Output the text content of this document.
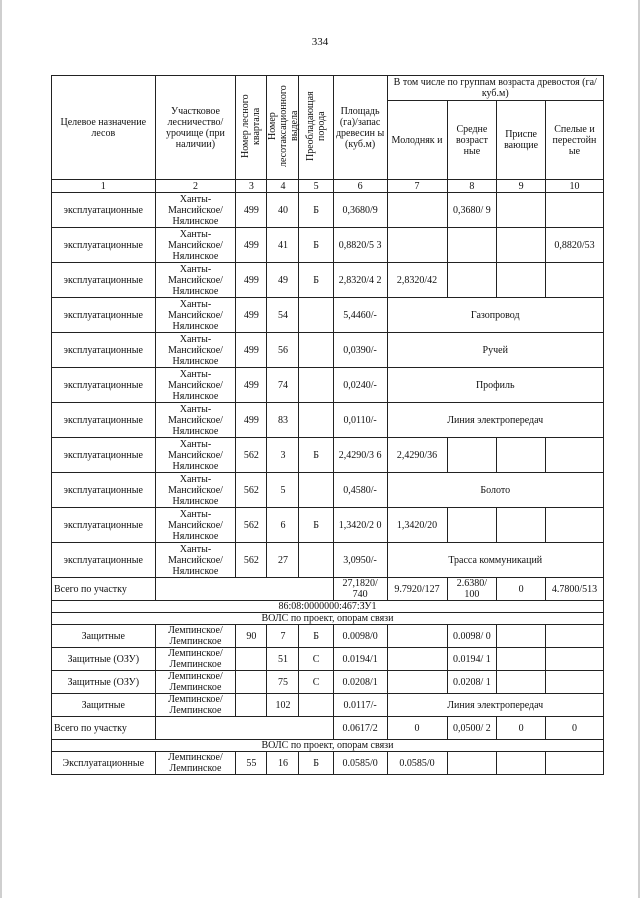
334
Целевое назначение лесов	Участковое лесничество/ урочище (при наличии)	Номер лесного квартала	Номер лесотаксационного выдела	Преобладающая порода	Площадь (га)/запас древесин ы (куб.м)	В том числе по группам возраста древостоя (га/куб.м)			
						Молодняк и	Средне возраст ные	Приспе вающие	Спелые и перестойн ые
1	2	3	4	5	6	7	8	9	10
эксплуатационные	Ханты-Мансийское/ Нялинское	499	40	Б	0,3680/9		0,3680/ 9		
эксплуатационные	Ханты-Мансийское/ Нялинское	499	41	Б	0,8820/5 3				0,8820/53
эксплуатационные	Ханты-Мансийское/ Нялинское	499	49	Б	2,8320/4 2	2,8320/42			
эксплуатационные	Ханты-Мансийское/ Нялинское	499	54		5,4460/-	Газопровод			
эксплуатационные	Ханты-Мансийское/ Нялинское	499	56		0,0390/-	Ручей			
эксплуатационные	Ханты-Мансийское/ Нялинское	499	74		0,0240/-	Профиль			
эксплуатационные	Ханты-Мансийское/ Нялинское	499	83		0,0110/-	Линия электропередач			
эксплуатационные	Ханты-Мансийское/ Нялинское	562	3	Б	2,4290/3 6	2,4290/36			
эксплуатационные	Ханты-Мансийское/ Нялинское	562	5		0,4580/-	Болото			
эксплуатационные	Ханты-Мансийское/ Нялинское	562	6	Б	1,3420/2 0	1,3420/20			
эксплуатационные	Ханты-Мансийское/ Нялинское	562	27		3,0950/-	Трасса коммуникаций			
Всего по участку					27,1820/ 740	9.7920/127	2.6380/ 100	0	4.7800/513
86:08:0000000:467:ЗУ1									
ВОЛС по проект, опорам связи									
Защитные	Лемпинское/ Лемпинское	90	7	Б	0.0098/0		0.0098/ 0		
Защитные (ОЗУ)	Лемпинское/ Лемпинское		51	С	0.0194/1		0.0194/ 1		
Защитные (ОЗУ)	Лемпинское/ Лемпинское		75	С	0.0208/1		0.0208/ 1		
Защитные	Лемпинское/ Лемпинское		102		0.0117/-	Линия электропередач			
Всего по участку					0.0617/2	0	0,0500/ 2	0	0
ВОЛС по проект, опорам связи									
Эксплуатационные	Лемпинское/ Лемпинское	55	16	Б	0.0585/0	0.0585/0			
